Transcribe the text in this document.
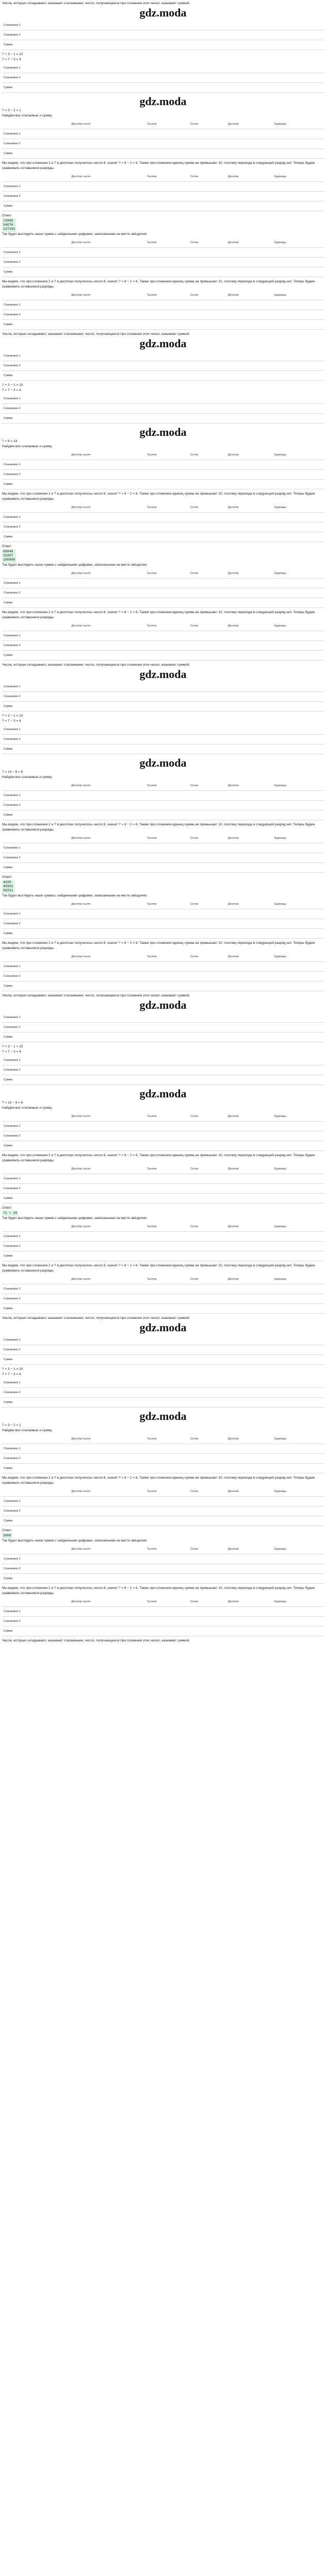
Числа, которые складывают, называют слагаемыми; число, получающееся при сложении этих чисел, называют суммой.

gdz.moda
Слагаемое 1					
Слагаемое 2					
Сумма					

? + 3 − 1 = 10

? = 7 − 3 = 4

Слагаемое 1					
Слагаемое 2					
Сумма					
gdz.moda

? = 3 − 2 = 1

Найдём все слагаемые и сумму.

	Десятки тысяч	Тысячи	Сотни	Десятки	Единицы
Слагаемое 1					
Слагаемое 2					
Сумма					

Мы видим, что при сложении 2 и ? в десятках получилось число 8, значит ? = 8 − 2 = 6. Также при сложении единиц сумма не превышает 10, поэтому перехода в следующий разряд нет. Теперь будем сравнивать оставшиеся разряды.

	Десятки тысяч	Тысячи	Сотни	Десятки	Единицы
Слагаемое 1					
Слагаемое 2					
Сумма					

Ответ:

72005
54076
127181

Так будет выглядеть наше сумма с найденными цифрами, записанными на месте звёздочек:

	Десятки тысяч	Тысячи	Сотни	Десятки	Единицы
Слагаемое 1					
Слагаемое 2					
Сумма					

Мы видим, что при сложении 2 и ? в десятках получилось число 8, значит ? = 8 − 2 = 6. Также при сложении единиц сумма не превышает 10, поэтому перехода в следующий разряд нет. Теперь будем сравнивать оставшиеся разряды.

	Десятки тысяч	Тысячи	Сотни	Десятки	Единицы
Слагаемое 1					
Слагаемое 2					
Сумма					

Числа, которые складывают, называют слагаемыми; число, получающееся при сложении этих чисел, называют суммой.

gdz.moda
Слагаемое 1					
Слагаемое 2					
Сумма					

? + 3 − 1 = 10

? = 7 − 3 = 4

Слагаемое 1					
Слагаемое 2					
Сумма					
gdz.moda

? + 8 = 14

Найдём все слагаемые и сумму.

	Десятки тысяч	Тысячи	Сотни	Десятки	Единицы
Слагаемое 1					
Слагаемое 2					
Сумма					

Мы видим, что при сложении 2 и ? в десятках получилось число 8, значит ? = 8 − 2 = 6. Также при сложении единиц сумма не превышает 10, поэтому перехода в следующий разряд нет. Теперь будем сравнивать оставшиеся разряды.

	Десятки тысяч	Тысячи	Сотни	Десятки	Единицы
Слагаемое 1					
Слагаемое 2					
Сумма					

Ответ:

69848
31957
100000

Так будет выглядеть наше сумма с найденными цифрами, записанными на месте звёздочек:

	Десятки тысяч	Тысячи	Сотни	Десятки	Единицы
Слагаемое 1					
Слагаемое 2					
Сумма					

Мы видим, что при сложении 2 и ? в десятках получилось число 8, значит ? = 8 − 2 = 6. Также при сложении единиц сумма не превышает 10, поэтому перехода в следующий разряд нет. Теперь будем сравнивать оставшиеся разряды.

	Десятки тысяч	Тысячи	Сотни	Десятки	Единицы
Слагаемое 1					
Слагаемое 2					
Сумма					

Числа, которые складывают, называют слагаемыми; число, получающееся при сложении этих чисел, называют суммой.

gdz.moda
Слагаемое 1					
Слагаемое 2					
Сумма					

? + 3 − 1 = 10

? = 7 − 3 = 4

Слагаемое 1					
Слагаемое 2					
Сумма					
gdz.moda

? = 14 − 8 = 6

Найдём все слагаемые и сумму.

	Десятки тысяч	Тысячи	Сотни	Десятки	Единицы
Слагаемое 1					
Слагаемое 2					
Сумма					

Мы видим, что при сложении 2 и ? в десятках получилось число 8, значит ? = 8 − 2 = 6. Также при сложении единиц сумма не превышает 10, поэтому перехода в следующий разряд нет. Теперь будем сравнивать оставшиеся разряды.

	Десятки тысяч	Тысячи	Сотни	Десятки	Единицы
Слагаемое 1					
Слагаемое 2					
Сумма					

Ответ:

4430
45901
50331

Так будет выглядеть наше сумма с найденными цифрами, записанными на месте звёздочек:

	Десятки тысяч	Тысячи	Сотни	Десятки	Единицы
Слагаемое 1					
Слагаемое 2					
Сумма					

Мы видим, что при сложении 2 и ? в десятках получилось число 8, значит ? = 8 − 2 = 6. Также при сложении единиц сумма не превышает 10, поэтому перехода в следующий разряд нет. Теперь будем сравнивать оставшиеся разряды.

	Десятки тысяч	Тысячи	Сотни	Десятки	Единицы
Слагаемое 1					
Слагаемое 2					
Сумма					

Числа, которые складывают, называют слагаемыми; число, получающееся при сложении этих чисел, называют суммой.

gdz.moda
Слагаемое 1					
Слагаемое 2					
Сумма					

? + 3 − 1 = 10

? = 7 − 3 = 4

Слагаемое 1					
Слагаемое 2					
Сумма					
gdz.moda

? = 10 − 4 = 6

Найдём все слагаемые и сумму.

	Десятки тысяч	Тысячи	Сотни	Десятки	Единицы
Слагаемое 1					
Слагаемое 2					
Сумма					

Мы видим, что при сложении 2 и ? в десятках получилось число 8, значит ? = 8 − 2 = 6. Также при сложении единиц сумма не превышает 10, поэтому перехода в следующий разряд нет. Теперь будем сравнивать оставшиеся разряды.

	Десятки тысяч	Тысячи	Сотни	Десятки	Единицы
Слагаемое 1					
Слагаемое 2					
Сумма					

Ответ:

71 + 20

Так будет выглядеть наше сумма с найденными цифрами, записанными на месте звёздочек:

	Десятки тысяч	Тысячи	Сотни	Десятки	Единицы
Слагаемое 1					
Слагаемое 2					
Сумма					

Мы видим, что при сложении 2 и ? в десятках получилось число 8, значит ? = 8 − 2 = 6. Также при сложении единиц сумма не превышает 10, поэтому перехода в следующий разряд нет. Теперь будем сравнивать оставшиеся разряды.

	Десятки тысяч	Тысячи	Сотни	Десятки	Единицы
Слагаемое 1					
Слагаемое 2					
Сумма					

Числа, которые складывают, называют слагаемыми; число, получающееся при сложении этих чисел, называют суммой.

gdz.moda
Слагаемое 1					
Слагаемое 2					
Сумма					

? + 3 − 1 = 10

? = 7 − 3 = 4

Слагаемое 1					
Слагаемое 2					
Сумма					
gdz.moda

? = 3 − 2 = 1

Найдём все слагаемые и сумму.

	Десятки тысяч	Тысячи	Сотни	Десятки	Единицы
Слагаемое 1					
Слагаемое 2					
Сумма					

Мы видим, что при сложении 2 и ? в десятках получилось число 8, значит ? = 8 − 2 = 6. Также при сложении единиц сумма не превышает 10, поэтому перехода в следующий разряд нет. Теперь будем сравнивать оставшиеся разряды.

	Десятки тысяч	Тысячи	Сотни	Десятки	Единицы
Слагаемое 1					
Слагаемое 2					
Сумма					

Ответ:

2000

Так будет выглядеть наше сумма с найденными цифрами, записанными на месте звёздочек:

	Десятки тысяч	Тысячи	Сотни	Десятки	Единицы
Слагаемое 1					
Слагаемое 2					
Сумма					

Мы видим, что при сложении 2 и ? в десятках получилось число 8, значит ? = 8 − 2 = 6. Также при сложении единиц сумма не превышает 10, поэтому перехода в следующий разряд нет. Теперь будем сравнивать оставшиеся разряды.

	Десятки тысяч	Тысячи	Сотни	Десятки	Единицы
Слагаемое 1					
Слагаемое 2					
Сумма					

Числа, которые складывают, называют слагаемыми; число, получающееся при сложении этих чисел, называют суммой.
